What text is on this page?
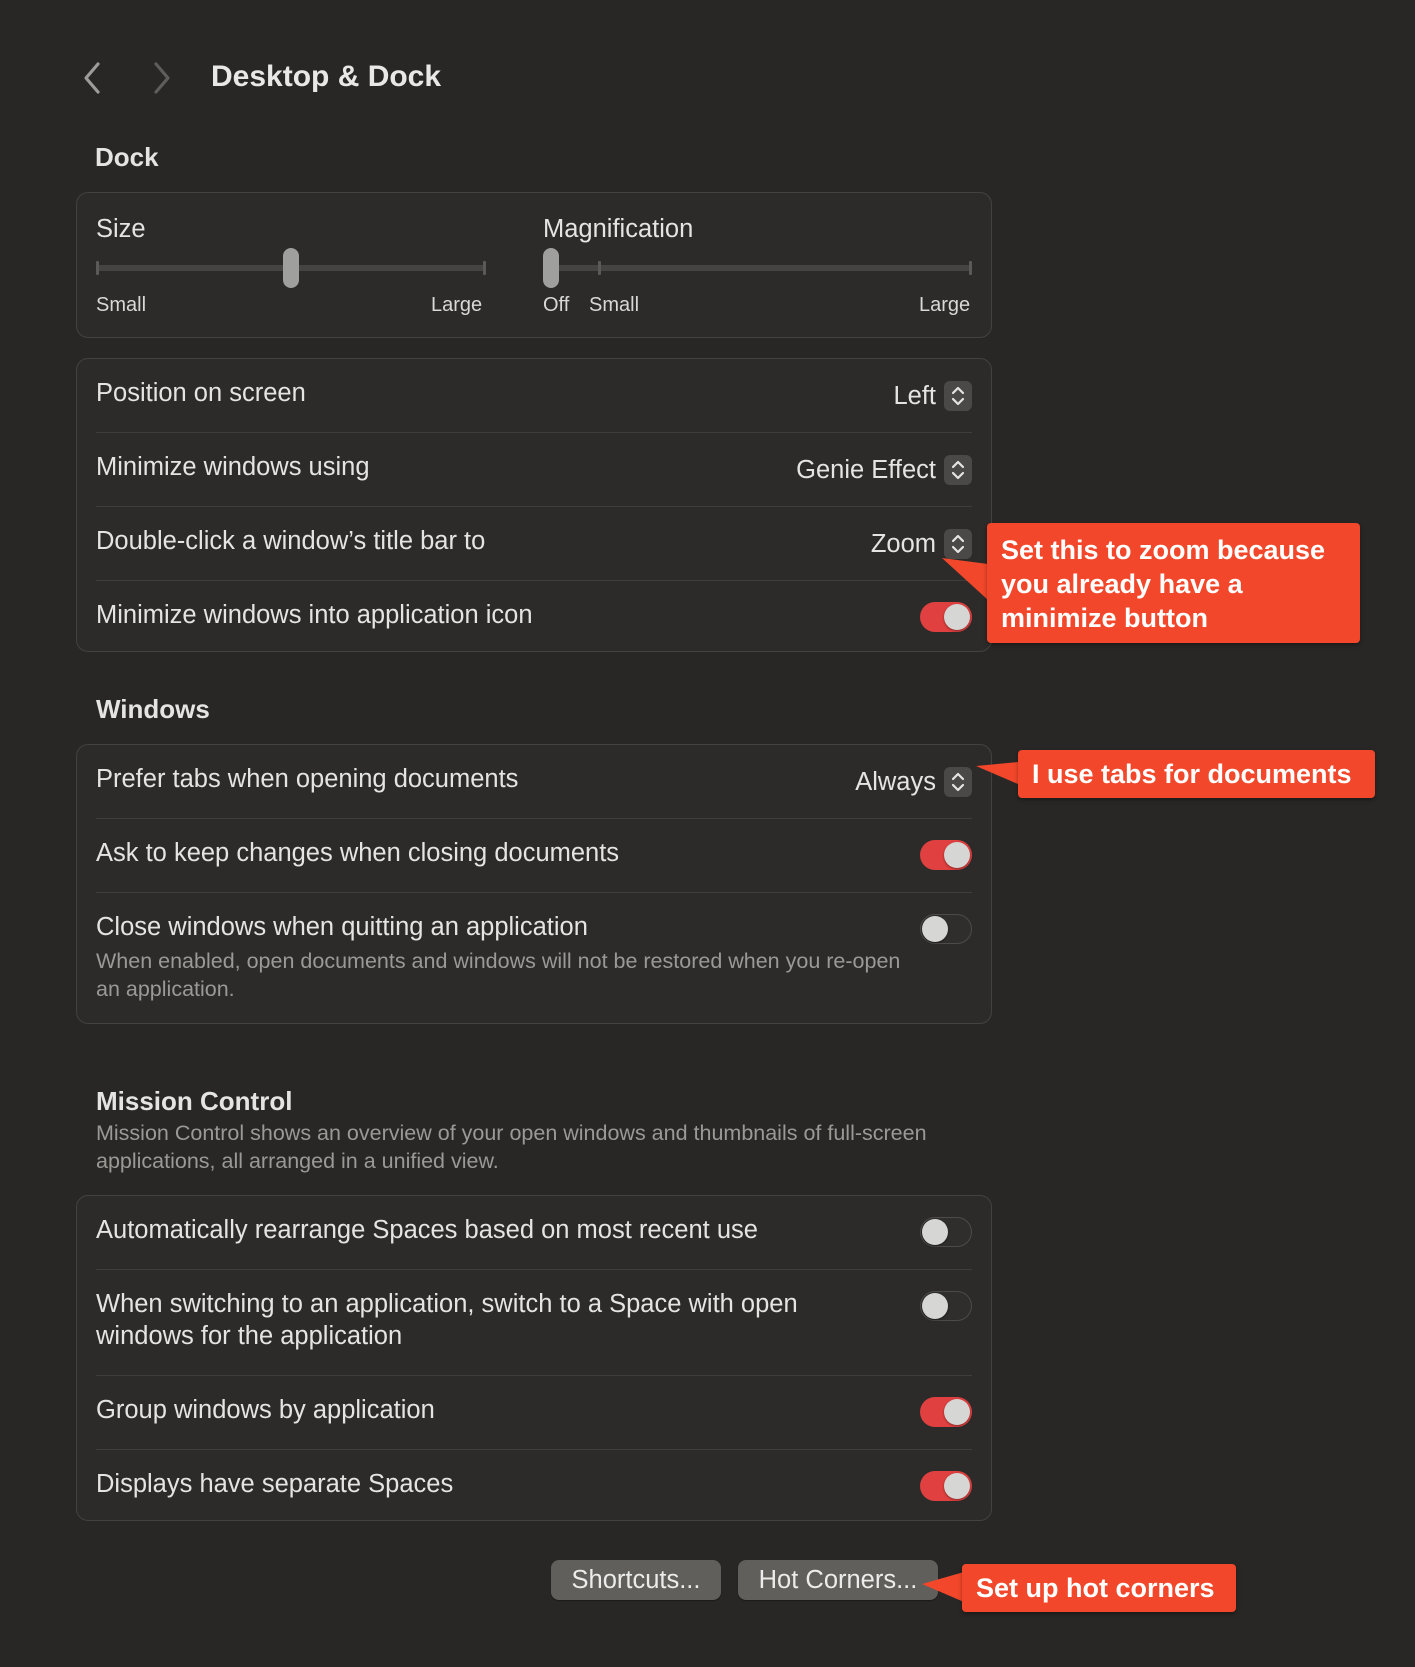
Desktop & Dock
Dock
Size
Small	Large
Magnification
Off Small	Large
Position on screen	Left
Minimize windows using	Genie Effect
Double-click a window’s title bar to	Zoom
Minimize windows into application icon
Windows
Prefer tabs when opening documents	Always
Ask to keep changes when closing documents
Close windows when quitting an application
When enabled, open documents and windows will not be restored when you re-open an application.
Mission Control
Mission Control shows an overview of your open windows and thumbnails of full-screen applications, all arranged in a unified view.
Automatically rearrange Spaces based on most recent use
When switching to an application, switch to a Space with open windows for the application
Group windows by application
Displays have separate Spaces
Shortcuts...	Hot Corners...
Set this to zoom because you already have a minimize button
I use tabs for documents
Set up hot corners
